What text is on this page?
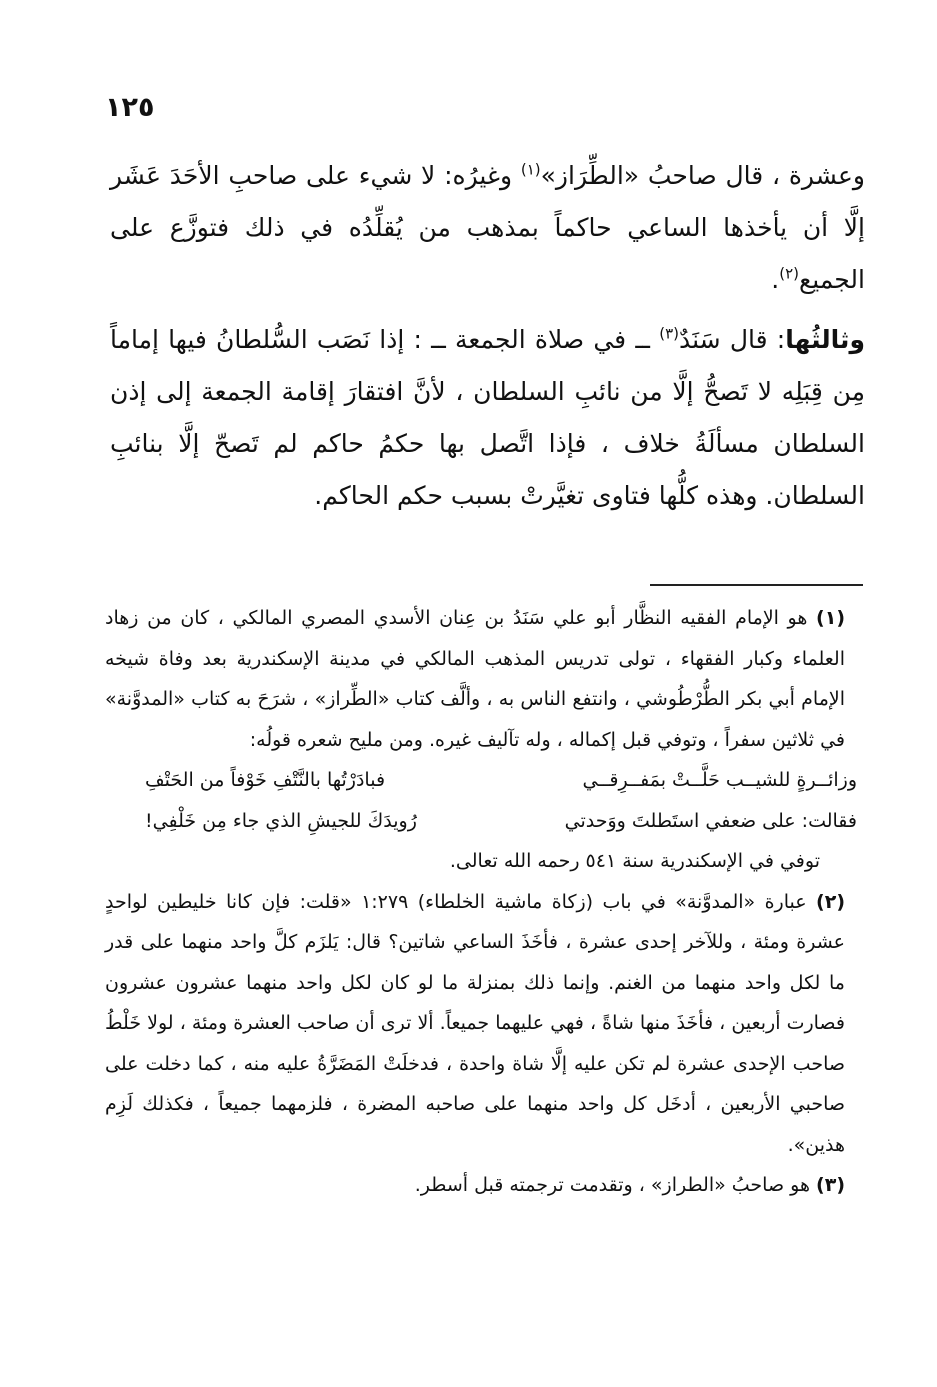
١٢٥

وعشرة ، قال صاحبُ «الطِّرَاز»$^{(١)}$ وغيرُه: لا شيء على صاحبِ الأحَدَ عَشَر إلَّا أن يأخذها الساعي حاكماً بمذهب من يُقلِّدُه في ذلك فتوزَّع على الجميع$^{(٢)}$.

وثالثُها: قال سَنَدٌ$^{(٣)}$ ــ في صلاة الجمعة ــ : إذا نَصَب السُّلطانُ فيها إماماً مِن قِبَلِه لا تَصحُّ إلَّا من نائبِ السلطان ، لأنَّ افتقارَ إقامة الجمعة إلى إذن السلطان مسألَةُ خلاف ، فإذا اتَّصل بها حكمُ حاكم لم تَصحّ إلَّا بنائبِ السلطان. وهذه كلُّها فتاوى تغيَّرتْ بسبب حكم الحاكم.

(١) هو الإمام الفقيه النظَّار أبو علي سَنَدُ بن عِنان الأسدي المصري المالكي ، كان من زهاد العلماء وكبار الفقهاء ، تولى تدريس المذهب المالكي في مدينة الإسكندرية بعد وفاة شيخه الإمام أبي بكر الطُّرْطُوشي ، وانتفع الناس به ، وألَّف كتاب «الطِّراز» ، شرَحَ به كتاب «المدوَّنة» في ثلاثين سفراً ، وتوفي قبل إكماله ، وله تآليف غيره. ومن مليح شعره قولُه:

وزائــرةٍ للشيــب حَلَّــتْ بمَفــرِقــي
فبادَرْتُها بالنَّتْفِ خَوْفاً من الحَتْفِ
فقالت: على ضعفي استَطلتَ ووَحدتي
رُويدَكَ للجيشِ الذي جاء مِن خَلْفِي!

توفي في الإسكندرية سنة ٥٤١ رحمه الله تعالى.

(٢) عبارة «المدوَّنة» في باب (زكاة ماشية الخلطاء) ١:٢٧٩ «قلت: فإن كانا خليطين لواحدٍ عشرة ومئة ، وللآخر إحدى عشرة ، فأخَذَ الساعي شاتين؟ قال: يَلزَم كلَّ واحد منهما على قدر ما لكل واحد منهما من الغنم. وإنما ذلك بمنزلة ما لو كان لكل واحد منهما عشرون عشرون فصارت أربعين ، فأخَذَ منها شاةً ، فهي عليهما جميعاً. ألا ترى أن صاحب العشرة ومئة ، لولا خَلْطُ صاحب الإحدى عشرة لم تكن عليه إلَّا شاة واحدة ، فدخلَتْ المَضَرَّةُ عليه منه ، كما دخلت على صاحبي الأربعين ، أدخَل كل واحد منهما على صاحبه المضرة ، فلزمهما جميعاً ، فكذلك لَزِم هذين».

(٣) هو صاحبُ «الطراز» ، وتقدمت ترجمته قبل أسطر.
